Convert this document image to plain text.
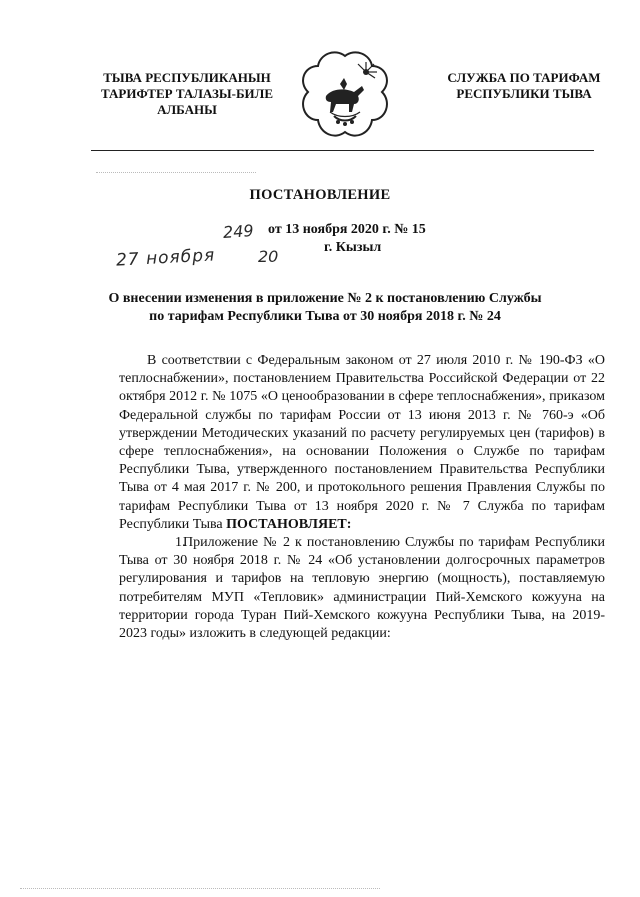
ТЫВА РЕСПУБЛИКАНЫН
ТАРИФТЕР ТАЛАЗЫ-БИЛЕ
АЛБАНЫ
СЛУЖБА ПО ТАРИФАМ
РЕСПУБЛИКИ ТЫВА
ПОСТАНОВЛЕНИЕ
249 от 13 ноября 2020 г. № 15
г. Кызыл
27 ноября	20
О внесении изменения в приложение № 2 к постановлению Службы
по тарифам Республики Тыва от 30 ноября 2018 г. № 24

В соответствии с Федеральным законом от 27 июля 2010 г. № 190-ФЗ «О теплоснабжении», постановлением Правительства Российской Федерации от 22 октября 2012 г. № 1075 «О ценообразовании в сфере теплоснабжения», приказом Федеральной службы по тарифам России от 13 июня 2013 г. № 760-э «Об утверждении Методических указаний по расчету регулируемых цен (тарифов) в сфере теплоснабжения», на основании Положения о Службе по тарифам Республики Тыва, утвержденного постановлением Правительства Республики Тыва от 4 мая 2017 г. № 200, и протокольного решения Правления Службы по тарифам Республики Тыва от 13 ноября 2020 г. № 7 Служба по тарифам Республики Тыва ПОСТАНОВЛЯЕТ:

1.Приложение № 2 к постановлению Службы по тарифам Республики Тыва от 30 ноября 2018 г. № 24 «Об установлении долгосрочных параметров регулирования и тарифов на тепловую энергию (мощность), поставляемую потребителям МУП «Тепловик» администрации Пий-Хемского кожууна на территории города Туран Пий-Хемского кожууна Республики Тыва, на 2019-2023 годы» изложить в следующей редакции:
